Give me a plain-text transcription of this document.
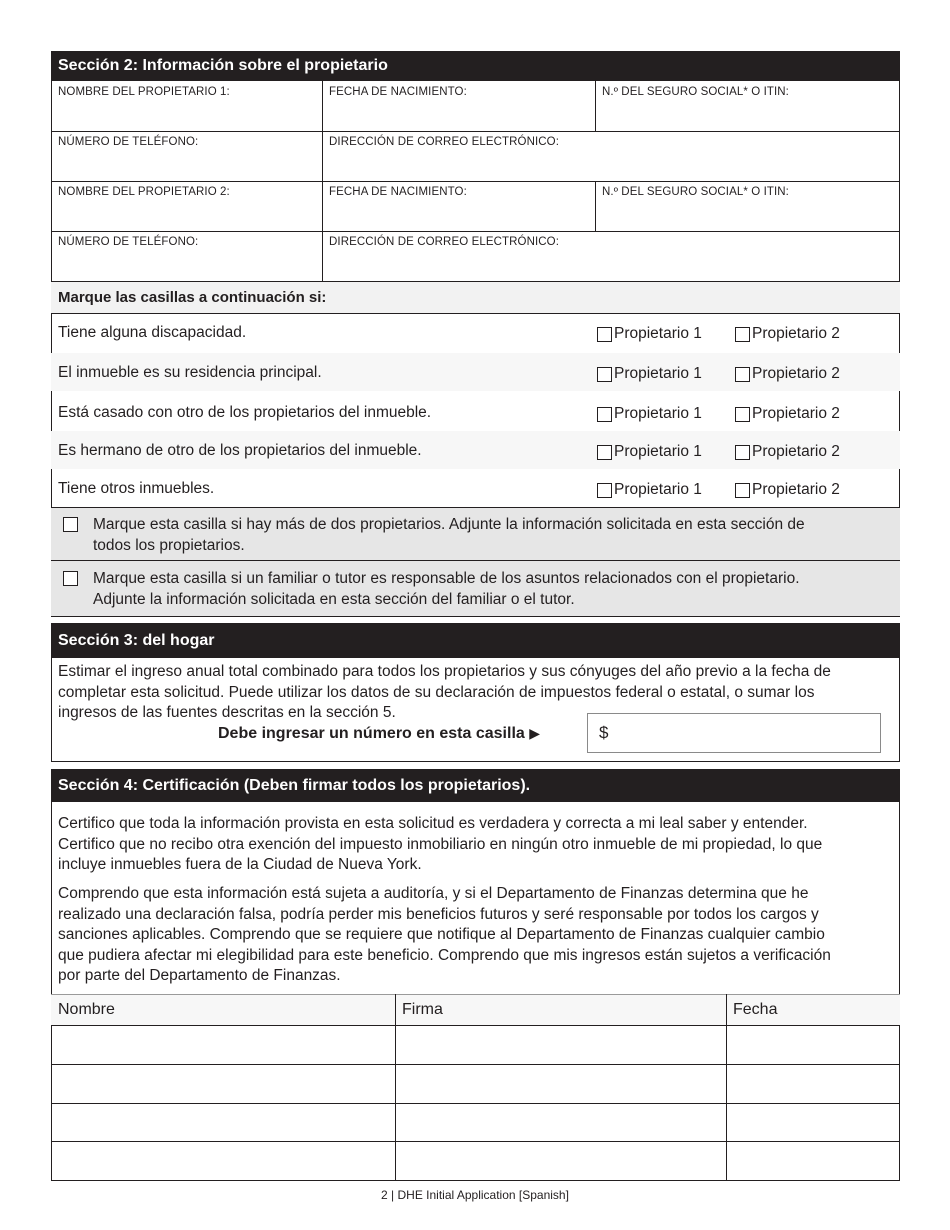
Sección 2: Información sobre el propietario
NOMBRE DEL PROPIETARIO 1:	FECHA DE NACIMIENTO:	N.º DEL SEGURO SOCIAL* O ITIN:
NÚMERO DE TELÉFONO:	DIRECCIÓN DE CORREO ELECTRÓNICO:
NOMBRE DEL PROPIETARIO 2:	FECHA DE NACIMIENTO:	N.º DEL SEGURO SOCIAL* O ITIN:
NÚMERO DE TELÉFONO:	DIRECCIÓN DE CORREO ELECTRÓNICO:
Marque las casillas a continuación si:
Tiene alguna discapacidad.	Propietario 1	Propietario 2
El inmueble es su residencia principal.	Propietario 1	Propietario 2
Está casado con otro de los propietarios del inmueble.	Propietario 1	Propietario 2
Es hermano de otro de los propietarios del inmueble.	Propietario 1	Propietario 2
Tiene otros inmuebles.	Propietario 1	Propietario 2
Marque esta casilla si hay más de dos propietarios. Adjunte la información solicitada en esta sección de
todos los propietarios.
Marque esta casilla si un familiar o tutor es responsable de los asuntos relacionados con el propietario.
Adjunte la información solicitada en esta sección del familiar o el tutor.
Sección 3: del hogar
Estimar el ingreso anual total combinado para todos los propietarios y sus cónyuges del año previo a la fecha de
completar esta solicitud. Puede utilizar los datos de su declaración de impuestos federal o estatal, o sumar los
ingresos de las fuentes descritas en la sección 5.
Debe ingresar un número en esta casilla ▶	$
Sección 4: Certificación (Deben firmar todos los propietarios).
Certifico que toda la información provista en esta solicitud es verdadera y correcta a mi leal saber y entender.
Certifico que no recibo otra exención del impuesto inmobiliario en ningún otro inmueble de mi propiedad, lo que
incluye inmuebles fuera de la Ciudad de Nueva York.
Comprendo que esta información está sujeta a auditoría, y si el Departamento de Finanzas determina que he
realizado una declaración falsa, podría perder mis beneficios futuros y seré responsable por todos los cargos y
sanciones aplicables. Comprendo que se requiere que notifique al Departamento de Finanzas cualquier cambio
que pudiera afectar mi elegibilidad para este beneficio. Comprendo que mis ingresos están sujetos a verificación
por parte del Departamento de Finanzas.
Nombre	Firma	Fecha
2 | DHE Initial Application [Spanish]
